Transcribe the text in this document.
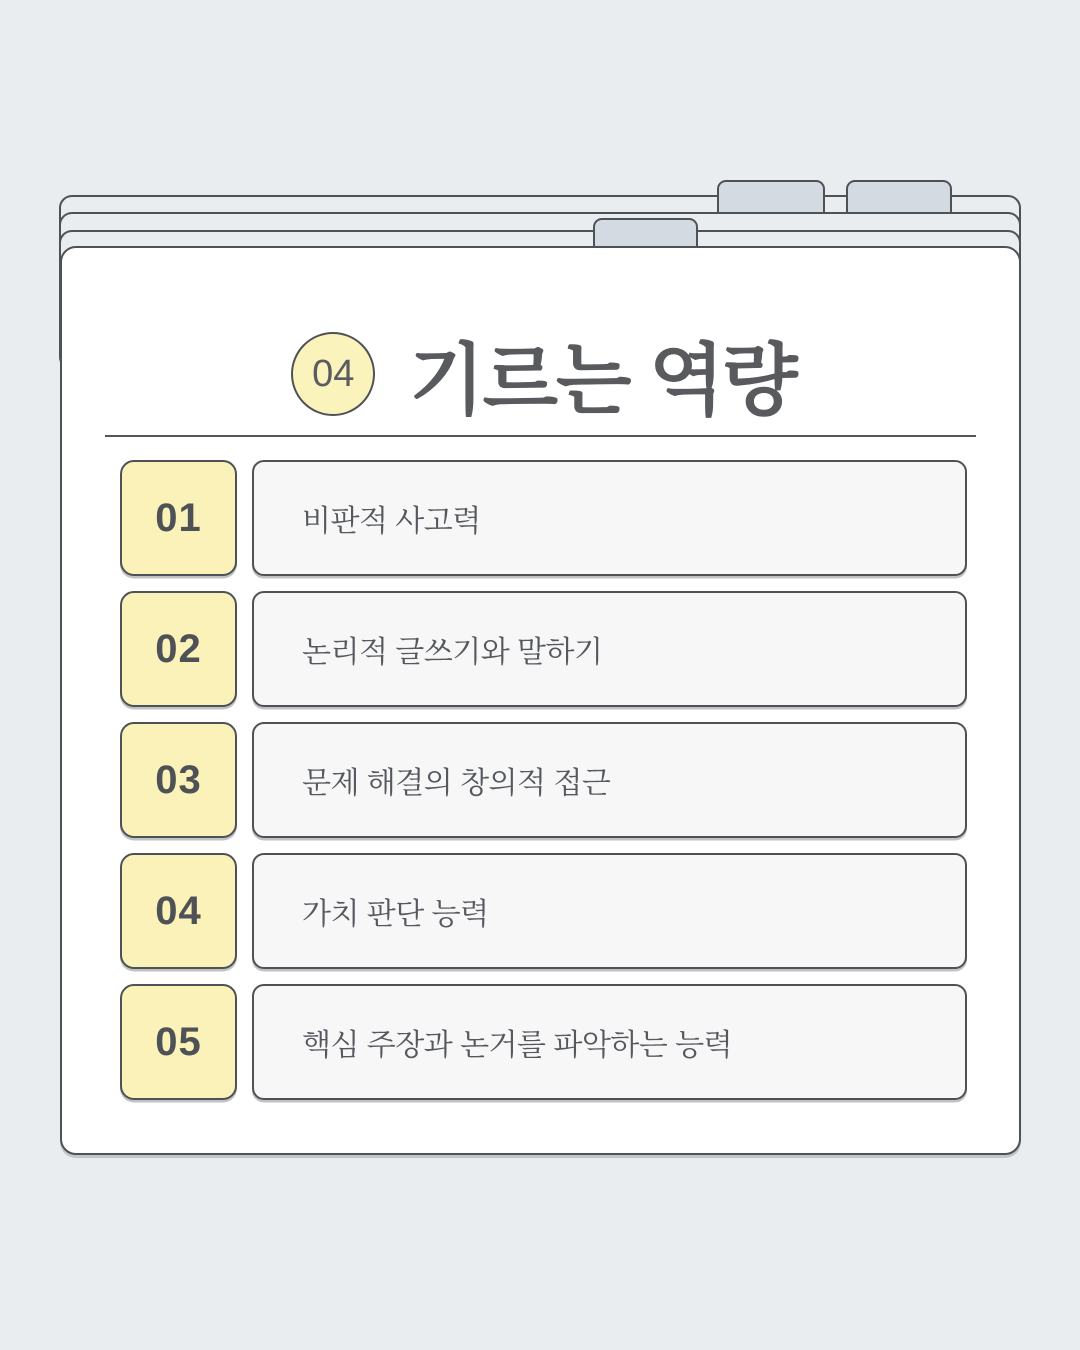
04 기르는 역량
01	비판적 사고력
02	논리적 글쓰기와 말하기
03	문제 해결의 창의적 접근
04	가치 판단 능력
05	핵심 주장과 논거를 파악하는 능력
